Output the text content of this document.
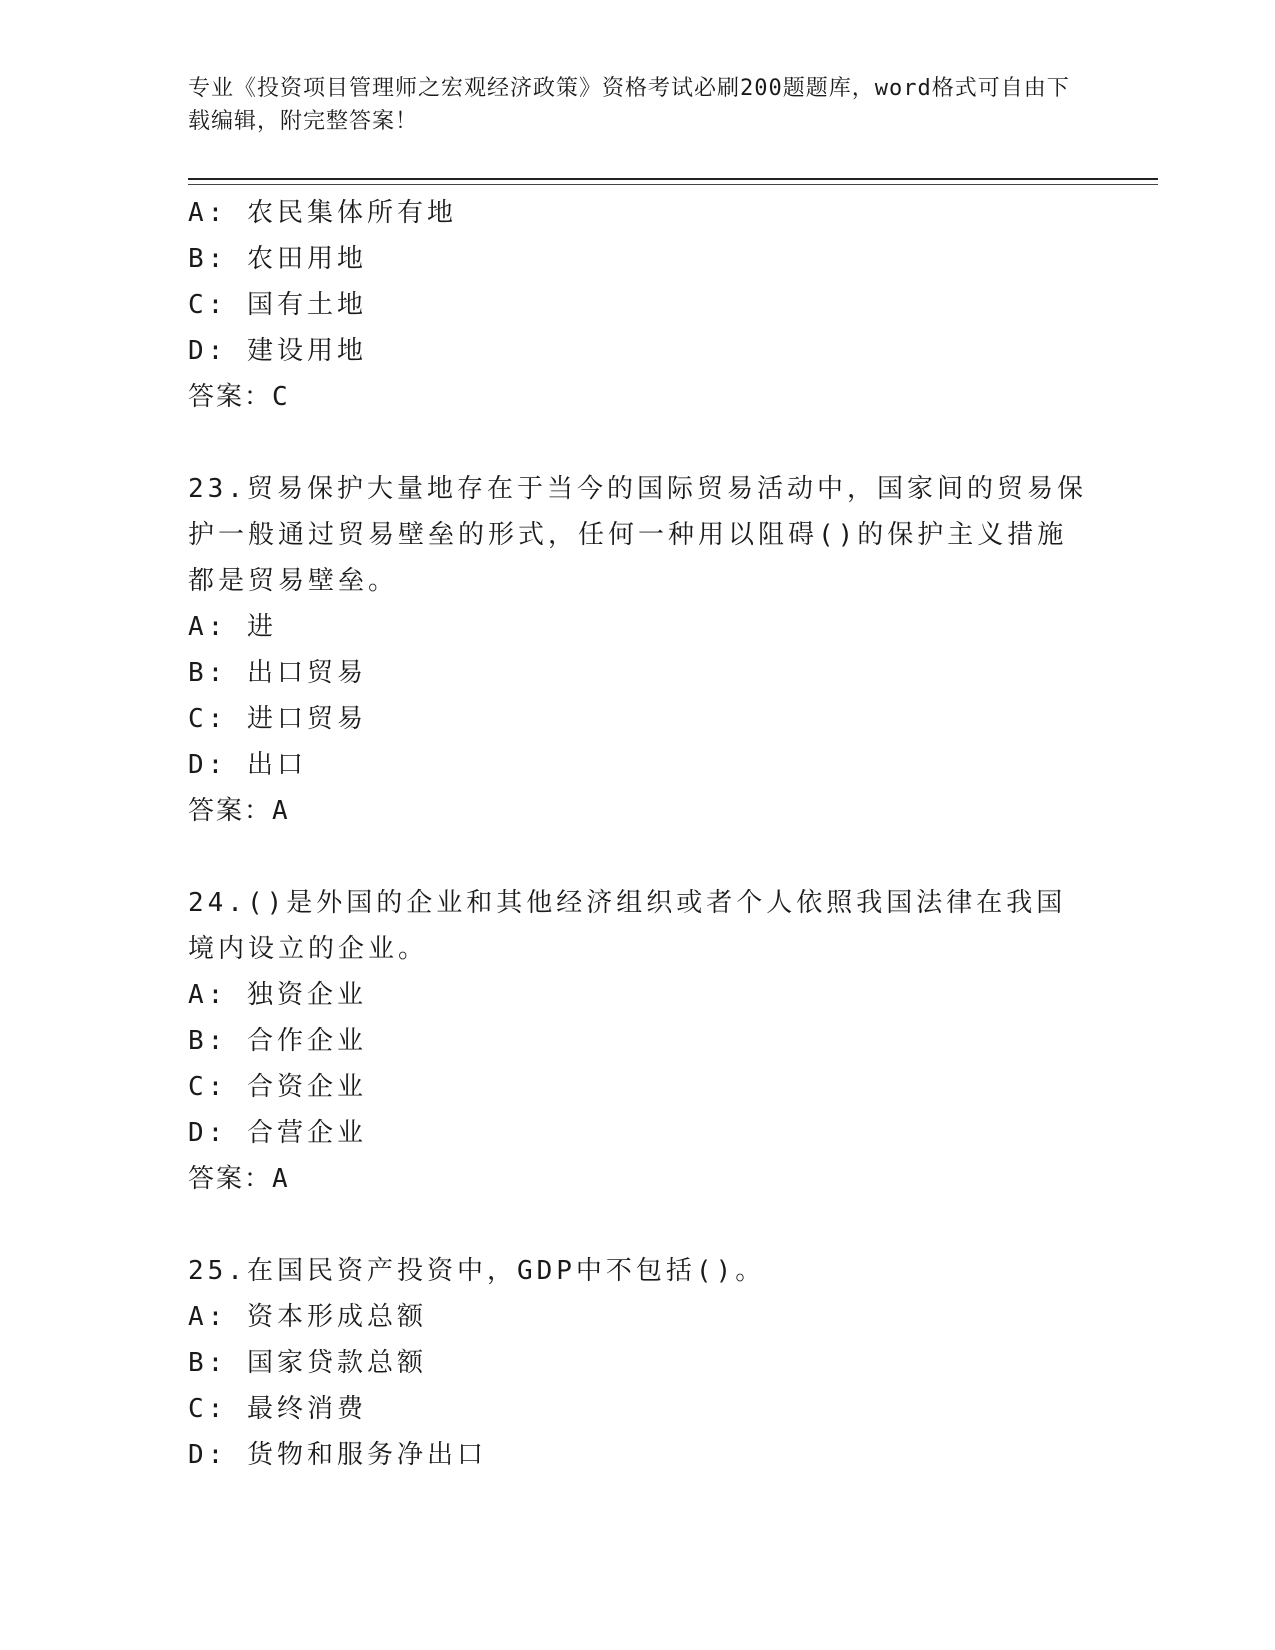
专业《投资项目管理师之宏观经济政策》资格考试必刷200题题库，word格式可自由下载编辑，附完整答案！
A: 农民集体所有地
B: 农田用地
C: 国有土地
D: 建设用地
答案：C
23.贸易保护大量地存在于当今的国际贸易活动中，国家间的贸易保护一般通过贸易壁垒的形式，任何一种用以阻碍()的保护主义措施都是贸易壁垒。
A: 进
B: 出口贸易
C: 进口贸易
D: 出口
答案：A
24.()是外国的企业和其他经济组织或者个人依照我国法律在我国境内设立的企业。
A: 独资企业
B: 合作企业
C: 合资企业
D: 合营企业
答案：A
25.在国民资产投资中，GDP中不包括()。
A: 资本形成总额
B: 国家贷款总额
C: 最终消费
D: 货物和服务净出口
